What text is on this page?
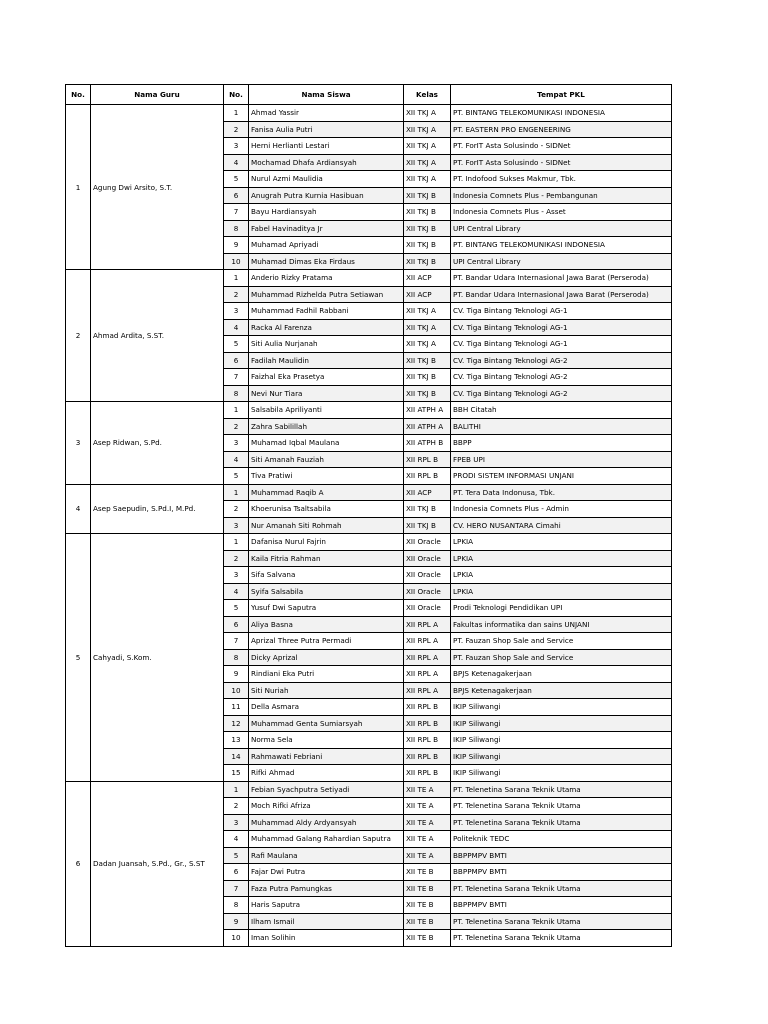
No.	Nama Guru	No.	Nama Siswa	Kelas	Tempat PKL
1	Agung Dwi Arsito, S.T.	1	Ahmad Yassir	XII TKJ A	PT. BINTANG TELEKOMUNIKASI INDONESIA
		2	Fanisa Aulia Putri	XII TKJ A	PT. EASTERN PRO ENGENEERING
		3	Herni Herlianti Lestari	XII TKJ A	PT. ForIT Asta Solusindo - SIDNet
		4	Mochamad Dhafa Ardiansyah	XII TKJ A	PT. ForIT Asta Solusindo - SIDNet
		5	Nurul Azmi Maulidia	XII TKJ A	PT. Indofood Sukses Makmur, Tbk.
		6	Anugrah Putra Kurnia Hasibuan	XII TKJ B	Indonesia Comnets Plus - Pembangunan
		7	Bayu Hardiansyah	XII TKJ B	Indonesia Comnets Plus - Asset
		8	Fabel Havinaditya Jr	XII TKJ B	UPI Central Library
		9	Muhamad Apriyadi	XII TKJ B	PT. BINTANG TELEKOMUNIKASI INDONESIA
		10	Muhamad Dimas Eka Firdaus	XII TKJ B	UPI Central Library
2	Ahmad Ardita, S.ST.	1	Anderio Rizky Pratama	XII ACP	PT. Bandar Udara Internasional Jawa Barat (Perseroda)
		2	Muhammad Rizhelda Putra Setiawan	XII ACP	PT. Bandar Udara Internasional Jawa Barat (Perseroda)
		3	Muhammad Fadhil Rabbani	XII TKJ A	CV. Tiga Bintang Teknologi AG-1
		4	Racka Al Farenza	XII TKJ A	CV. Tiga Bintang Teknologi AG-1
		5	Siti Aulia Nurjanah	XII TKJ A	CV. Tiga Bintang Teknologi AG-1
		6	Fadilah Maulidin	XII TKJ B	CV. Tiga Bintang Teknologi AG-2
		7	Faizhal Eka Prasetya	XII TKJ B	CV. Tiga Bintang Teknologi AG-2
		8	Nevi Nur Tiara	XII TKJ B	CV. Tiga Bintang Teknologi AG-2
3	Asep Ridwan, S.Pd.	1	Salsabila Apriliyanti	XII ATPH A	BBH Citatah
		2	Zahra Sabilillah	XII ATPH A	BALITHI
		3	Muhamad Iqbal Maulana	XII ATPH B	BBPP
		4	Siti Amanah Fauziah	XII RPL B	FPEB UPI
		5	Tiva Pratiwi	XII RPL B	PRODI SISTEM INFORMASI UNJANI
4	Asep Saepudin, S.Pd.I, M.Pd.	1	Muhammad Raqib A	XII ACP	PT. Tera Data Indonusa, Tbk.
		2	Khoerunisa Tsaltsabila	XII TKJ B	Indonesia Comnets Plus - Admin
		3	Nur Amanah Siti Rohmah	XII TKJ B	CV. HERO NUSANTARA Cimahi
5	Cahyadi, S.Kom.	1	Dafanisa Nurul Fajrin	XII Oracle	LPKIA
		2	Kaila Fitria Rahman	XII Oracle	LPKIA
		3	Sifa Salvana	XII Oracle	LPKIA
		4	Syifa Salsabila	XII Oracle	LPKIA
		5	Yusuf Dwi Saputra	XII Oracle	Prodi Teknologi Pendidikan UPI
		6	Aliya Basna	XII RPL A	Fakultas informatika dan sains UNJANI
		7	Aprizal Three Putra Permadi	XII RPL A	PT. Fauzan Shop Sale and Service
		8	Dicky Aprizal	XII RPL A	PT. Fauzan Shop Sale and Service
		9	Rindiani Eka Putri	XII RPL A	BPJS Ketenagakerjaan
		10	Siti Nuriah	XII RPL A	BPJS Ketenagakerjaan
		11	Della Asmara	XII RPL B	IKIP Siliwangi
		12	Muhammad Genta Sumiarsyah	XII RPL B	IKIP Siliwangi
		13	Norma Sela	XII RPL B	IKIP Siliwangi
		14	Rahmawati Febriani	XII RPL B	IKIP Siliwangi
		15	Rifki Ahmad	XII RPL B	IKIP Siliwangi
6	Dadan Juansah, S.Pd., Gr., S.ST	1	Febian Syachputra Setiyadi	XII TE A	PT. Telenetina Sarana Teknik Utama
		2	Moch Rifki Afriza	XII TE A	PT. Telenetina Sarana Teknik Utama
		3	Muhammad Aldy Ardyansyah	XII TE A	PT. Telenetina Sarana Teknik Utama
		4	Muhammad Galang Rahardian Saputra	XII TE A	Politeknik TEDC
		5	Rafi Maulana	XII TE A	BBPPMPV BMTI
		6	Fajar Dwi Putra	XII TE B	BBPPMPV BMTI
		7	Faza Putra Pamungkas	XII TE B	PT. Telenetina Sarana Teknik Utama
		8	Haris Saputra	XII TE B	BBPPMPV BMTI
		9	Ilham Ismail	XII TE B	PT. Telenetina Sarana Teknik Utama
		10	Iman Solihin	XII TE B	PT. Telenetina Sarana Teknik Utama
